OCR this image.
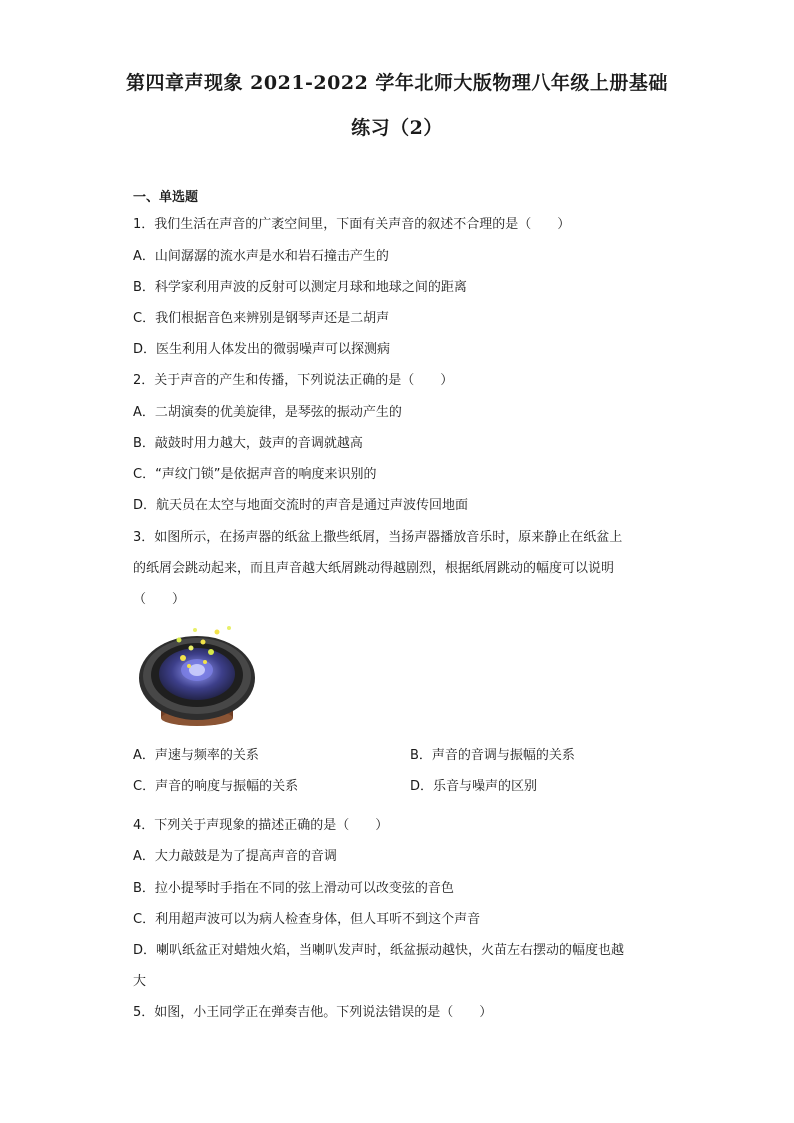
第四章声现象 2021-2022 学年北师大版物理八年级上册基础
练习（2）
一、单选题
1．我们生活在声音的广袤空间里，下面有关声音的叙述不合理的是（　　）
A．山间潺潺的流水声是水和岩石撞击产生的
B．科学家利用声波的反射可以测定月球和地球之间的距离
C．我们根据音色来辨别是钢琴声还是二胡声
D．医生利用人体发出的微弱噪声可以探测病
2．关于声音的产生和传播，下列说法正确的是（　　）
A．二胡演奏的优美旋律，是琴弦的振动产生的
B．敲鼓时用力越大，鼓声的音调就越高
C．“声纹门锁”是依据声音的响度来识别的
D．航天员在太空与地面交流时的声音是通过声波传回地面
3．如图所示，在扬声器的纸盆上撒些纸屑，当扬声器播放音乐时，原来静止在纸盆上
的纸屑会跳动起来，而且声音越大纸屑跳动得越剧烈，根据纸屑跳动的幅度可以说明
（　　）
A．声速与频率的关系	B．声音的音调与振幅的关系
C．声音的响度与振幅的关系	D．乐音与噪声的区别
4．下列关于声现象的描述正确的是（　　）
A．大力敲鼓是为了提高声音的音调
B．拉小提琴时手指在不同的弦上滑动可以改变弦的音色
C．利用超声波可以为病人检查身体，但人耳听不到这个声音
D．喇叭纸盆正对蜡烛火焰，当喇叭发声时，纸盆振动越快，火苗左右摆动的幅度也越
大
5．如图，小王同学正在弹奏吉他。下列说法错误的是（　　）
